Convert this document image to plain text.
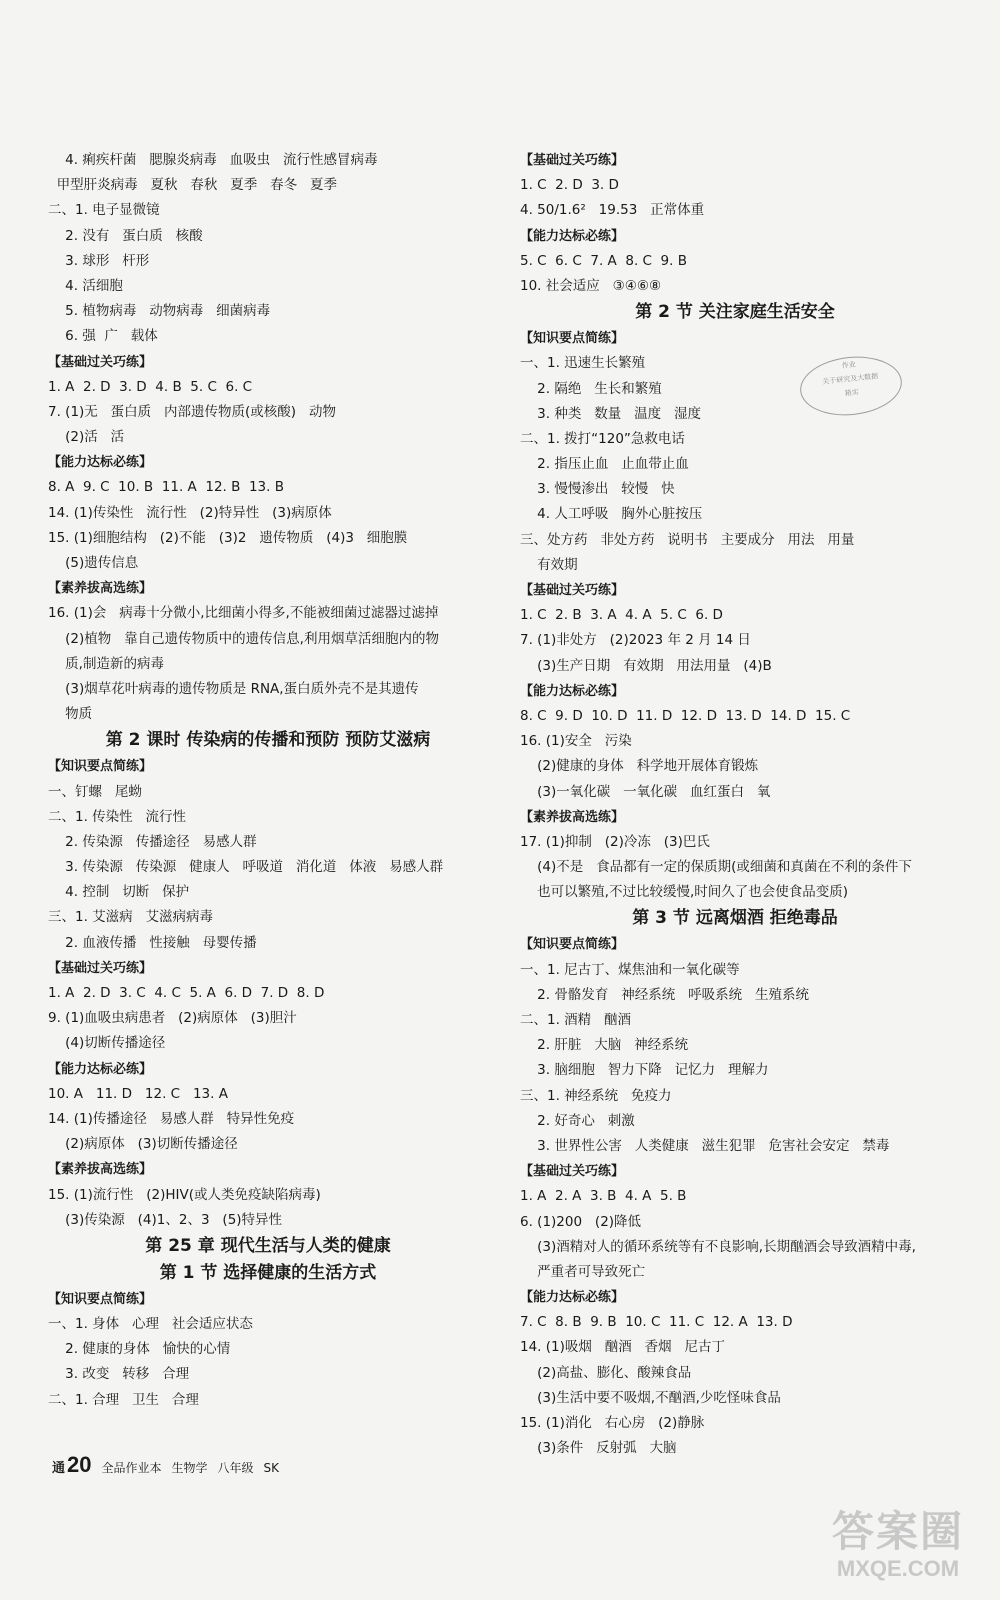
4. 痢疾杆菌   腮腺炎病毒   血吸虫   流行性感冒病毒
甲型肝炎病毒   夏秋   春秋   夏季   春冬   夏季
二、1. 电子显微镜
2. 没有   蛋白质   核酸
3. 球形   杆形
4. 活细胞
5. 植物病毒   动物病毒   细菌病毒
6. 强  广   载体
【基础过关巧练】
1. A  2. D  3. D  4. B  5. C  6. C
7. (1)无   蛋白质   内部遗传物质(或核酸)   动物
(2)活   活
【能力达标必练】
8. A  9. C  10. B  11. A  12. B  13. B
14. (1)传染性   流行性   (2)特异性   (3)病原体
15. (1)细胞结构   (2)不能   (3)2   遗传物质   (4)3   细胞膜
(5)遗传信息
【素养拔高选练】
16. (1)会   病毒十分微小,比细菌小得多,不能被细菌过滤器过滤掉
(2)植物   靠自己遗传物质中的遗传信息,利用烟草活细胞内的物
质,制造新的病毒
(3)烟草花叶病毒的遗传物质是 RNA,蛋白质外壳不是其遗传
物质
第 2 课时 传染病的传播和预防 预防艾滋病
【知识要点简练】
一、钉螺   尾蚴
二、1. 传染性   流行性
2. 传染源   传播途径   易感人群
3. 传染源   传染源   健康人   呼吸道   消化道   体液   易感人群
4. 控制   切断   保护
三、1. 艾滋病   艾滋病病毒
2. 血液传播   性接触   母婴传播
【基础过关巧练】
1. A  2. D  3. C  4. C  5. A  6. D  7. D  8. D
9. (1)血吸虫病患者   (2)病原体   (3)胆汁
(4)切断传播途径
【能力达标必练】
10. A   11. D   12. C   13. A
14. (1)传播途径   易感人群   特异性免疫
(2)病原体   (3)切断传播途径
【素养拔高选练】
15. (1)流行性   (2)HIV(或人类免疫缺陷病毒)
(3)传染源   (4)1、2、3   (5)特异性
第 25 章 现代生活与人类的健康
第 1 节 选择健康的生活方式
【知识要点简练】
一、1. 身体   心理   社会适应状态
2. 健康的身体   愉快的心情
3. 改变   转移   合理
二、1. 合理   卫生   合理
【基础过关巧练】
1. C  2. D  3. D
4. 50/1.6²   19.53   正常体重
【能力达标必练】
5. C  6. C  7. A  8. C  9. B
10. 社会适应   ③④⑥⑧
第 2 节 关注家庭生活安全
【知识要点简练】
一、1. 迅速生长繁殖
2. 隔绝   生长和繁殖
3. 种类   数量   温度   湿度
二、1. 拨打“120”急救电话
2. 指压止血   止血带止血
3. 慢慢渗出   较慢   快
4. 人工呼吸   胸外心脏按压
三、处方药   非处方药   说明书   主要成分   用法   用量
有效期
【基础过关巧练】
1. C  2. B  3. A  4. A  5. C  6. D
7. (1)非处方   (2)2023 年 2 月 14 日
(3)生产日期   有效期   用法用量   (4)B
【能力达标必练】
8. C  9. D  10. D  11. D  12. D  13. D  14. D  15. C
16. (1)安全   污染
(2)健康的身体   科学地开展体育锻炼
(3)一氧化碳   一氧化碳   血红蛋白   氧
【素养拔高选练】
17. (1)抑制   (2)冷冻   (3)巴氏
(4)不是   食品都有一定的保质期(或细菌和真菌在不利的条件下
也可以繁殖,不过比较缓慢,时间久了也会使食品变质)
第 3 节 远离烟酒 拒绝毒品
【知识要点简练】
一、1. 尼古丁、煤焦油和一氧化碳等
2. 骨骼发育   神经系统   呼吸系统   生殖系统
二、1. 酒精   酗酒
2. 肝脏   大脑   神经系统
3. 脑细胞   智力下降   记忆力   理解力
三、1. 神经系统   免疫力
2. 好奇心   刺激
3. 世界性公害   人类健康   滋生犯罪   危害社会安定   禁毒
【基础过关巧练】
1. A  2. A  3. B  4. A  5. B
6. (1)200   (2)降低
(3)酒精对人的循环系统等有不良影响,长期酗酒会导致酒精中毒,
严重者可导致死亡
【能力达标必练】
7. C  8. B  9. B  10. C  11. C  12. A  13. D
14. (1)吸烟   酗酒   香烟   尼古丁
(2)高盐、膨化、酸辣食品
(3)生活中要不吸烟,不酗酒,少吃怪味食品
15. (1)消化   右心房   (2)静脉
(3)条件   反射弧   大脑
作业
关于研究及大数据
箱实
通 20 全品作业本 生物学 八年级 SK
答案圈
MXQE.COM
